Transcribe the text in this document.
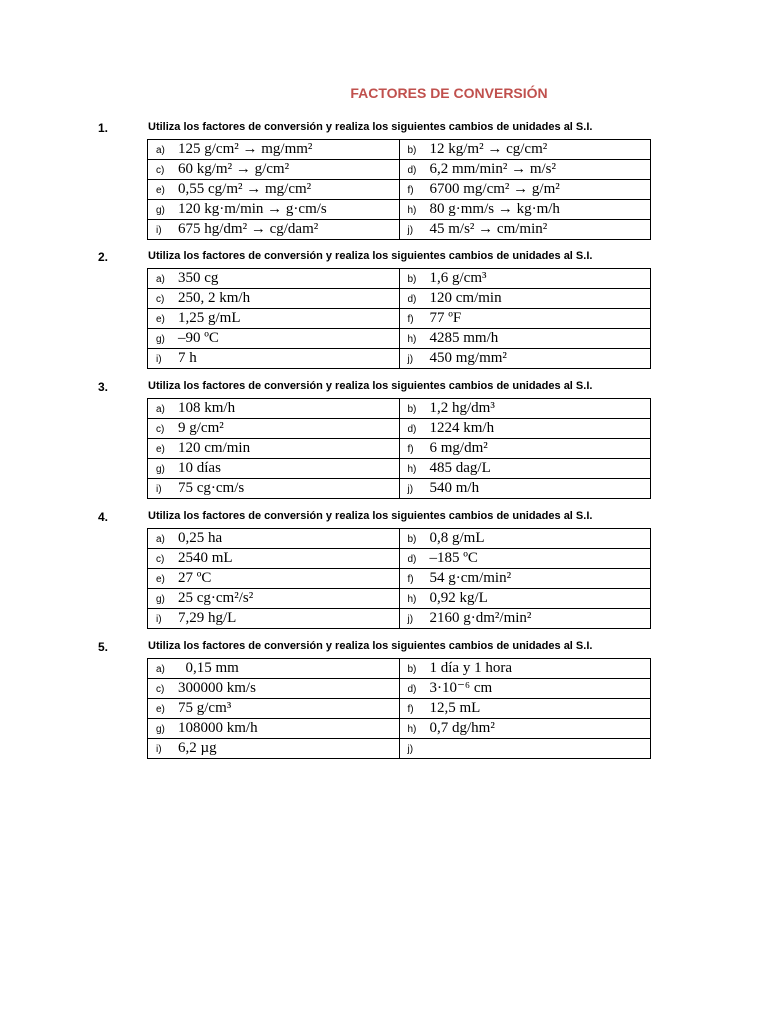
FACTORES DE CONVERSIÓN
1.	Utiliza los factores de conversión y realiza los siguientes cambios de unidades al S.I.
a) 125 g/cm² → mg/mm²	b) 12 kg/m² → cg/cm²
c) 60 kg/m² → g/cm²	d) 6,2 mm/min² → m/s²
e) 0,55 cg/m² → mg/cm²	f) 6700 mg/cm² → g/m²
g) 120 kg·m/min → g·cm/s	h) 80 g·mm/s → kg·m/h
i) 675 hg/dm² → cg/dam²	j) 45 m/s² → cm/min²
2.	Utiliza los factores de conversión y realiza los siguientes cambios de unidades al S.I.
a) 350 cg	b) 1,6 g/cm³
c) 250, 2 km/h	d) 120 cm/min
e) 1,25 g/mL	f) 77 ºF
g) –90 ºC	h) 4285 mm/h
i) 7 h	j) 450 mg/mm²
3.	Utiliza los factores de conversión y realiza los siguientes cambios de unidades al S.I.
a) 108 km/h	b) 1,2 hg/dm³
c) 9 g/cm²	d) 1224 km/h
e) 120 cm/min	f) 6 mg/dm²
g) 10 días	h) 485 dag/L
i) 75 cg·cm/s	j) 540 m/h
4.	Utiliza los factores de conversión y realiza los siguientes cambios de unidades al S.I.
a) 0,25 ha	b) 0,8 g/mL
c) 2540 mL	d) –185 ºC
e) 27 ºC	f) 54 g·cm/min²
g) 25 cg·cm²/s²	h) 0,92 kg/L
i) 7,29 hg/L	j) 2160 g·dm²/min²
5.	Utiliza los factores de conversión y realiza los siguientes cambios de unidades al S.I.
a)  0,15 mm	b) 1 día y 1 hora
c) 300000 km/s	d) 3·10⁻⁶ cm
e) 75 g/cm³	f) 12,5 mL
g) 108000 km/h	h) 0,7 dg/hm²
i) 6,2 µg	j)
